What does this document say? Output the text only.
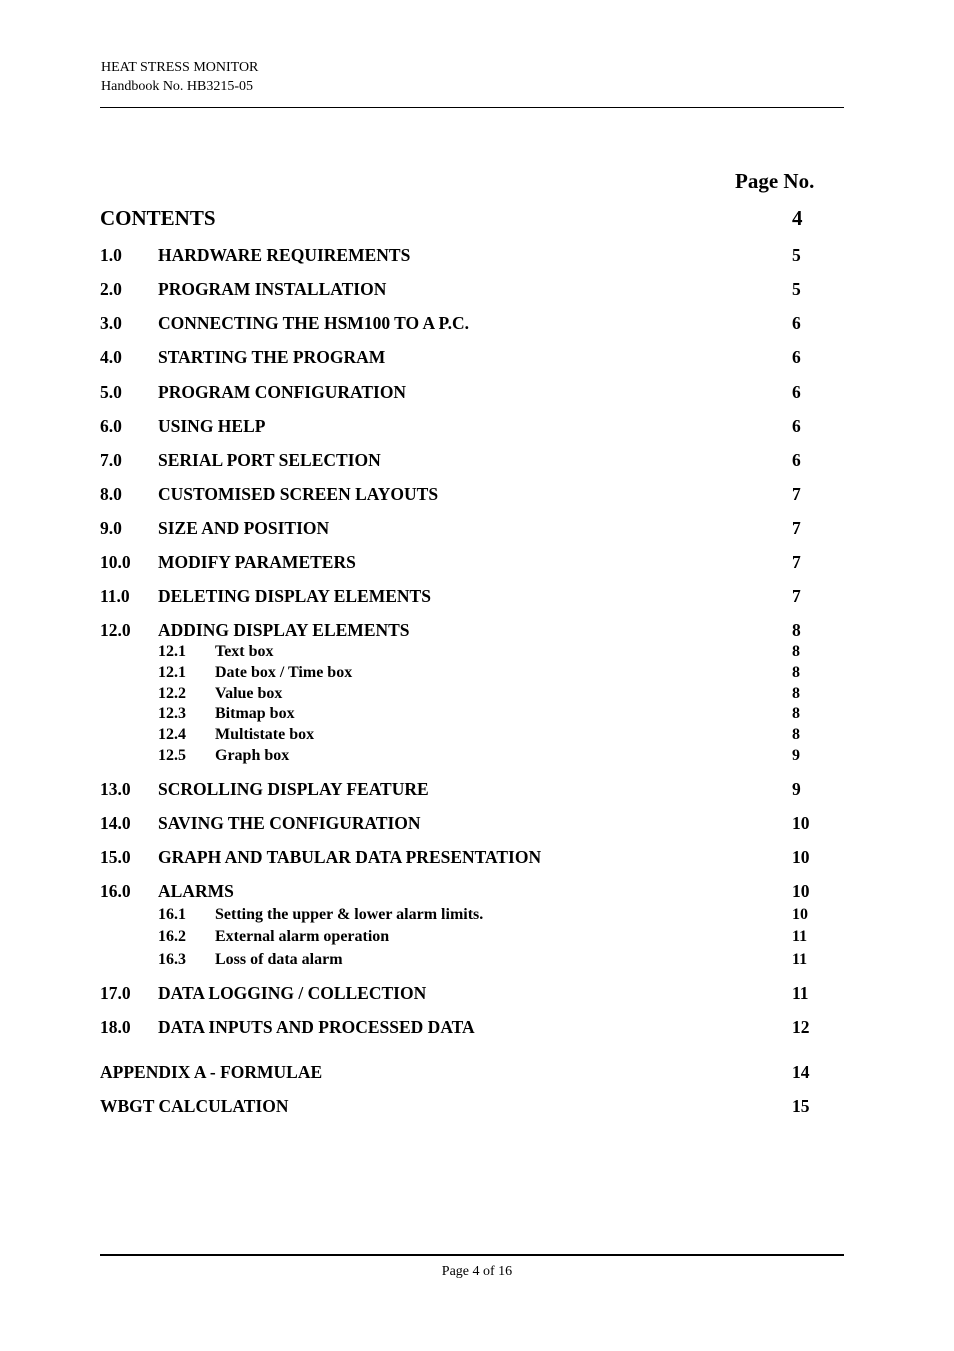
HEAT STRESS MONITOR
Handbook No. HB3215-05
Page No.
CONTENTS	4
1.0 HARDWARE REQUIREMENTS	5
2.0 PROGRAM INSTALLATION	5
3.0 CONNECTING THE HSM100 TO A P.C.	6
4.0 STARTING THE PROGRAM	6
5.0 PROGRAM CONFIGURATION	6
6.0 USING HELP	6
7.0 SERIAL PORT SELECTION	6
8.0 CUSTOMISED SCREEN LAYOUTS	7
9.0 SIZE AND POSITION	7
10.0 MODIFY PARAMETERS	7
11.0 DELETING DISPLAY ELEMENTS	7
12.0 ADDING DISPLAY ELEMENTS	8
12.1 Text box	8
12.1 Date box / Time box	8
12.2 Value box	8
12.3 Bitmap box	8
12.4 Multistate box	8
12.5 Graph box	9
13.0 SCROLLING DISPLAY FEATURE	9
14.0 SAVING THE CONFIGURATION	10
15.0 GRAPH AND TABULAR DATA PRESENTATION	10
16.0 ALARMS	10
16.1 Setting the upper & lower alarm limits.	10
16.2 External alarm operation	11
16.3 Loss of data alarm	11
17.0 DATA LOGGING / COLLECTION	11
18.0 DATA INPUTS AND PROCESSED DATA	12
APPENDIX A - FORMULAE	14
WBGT CALCULATION	15
Page 4 of 16
